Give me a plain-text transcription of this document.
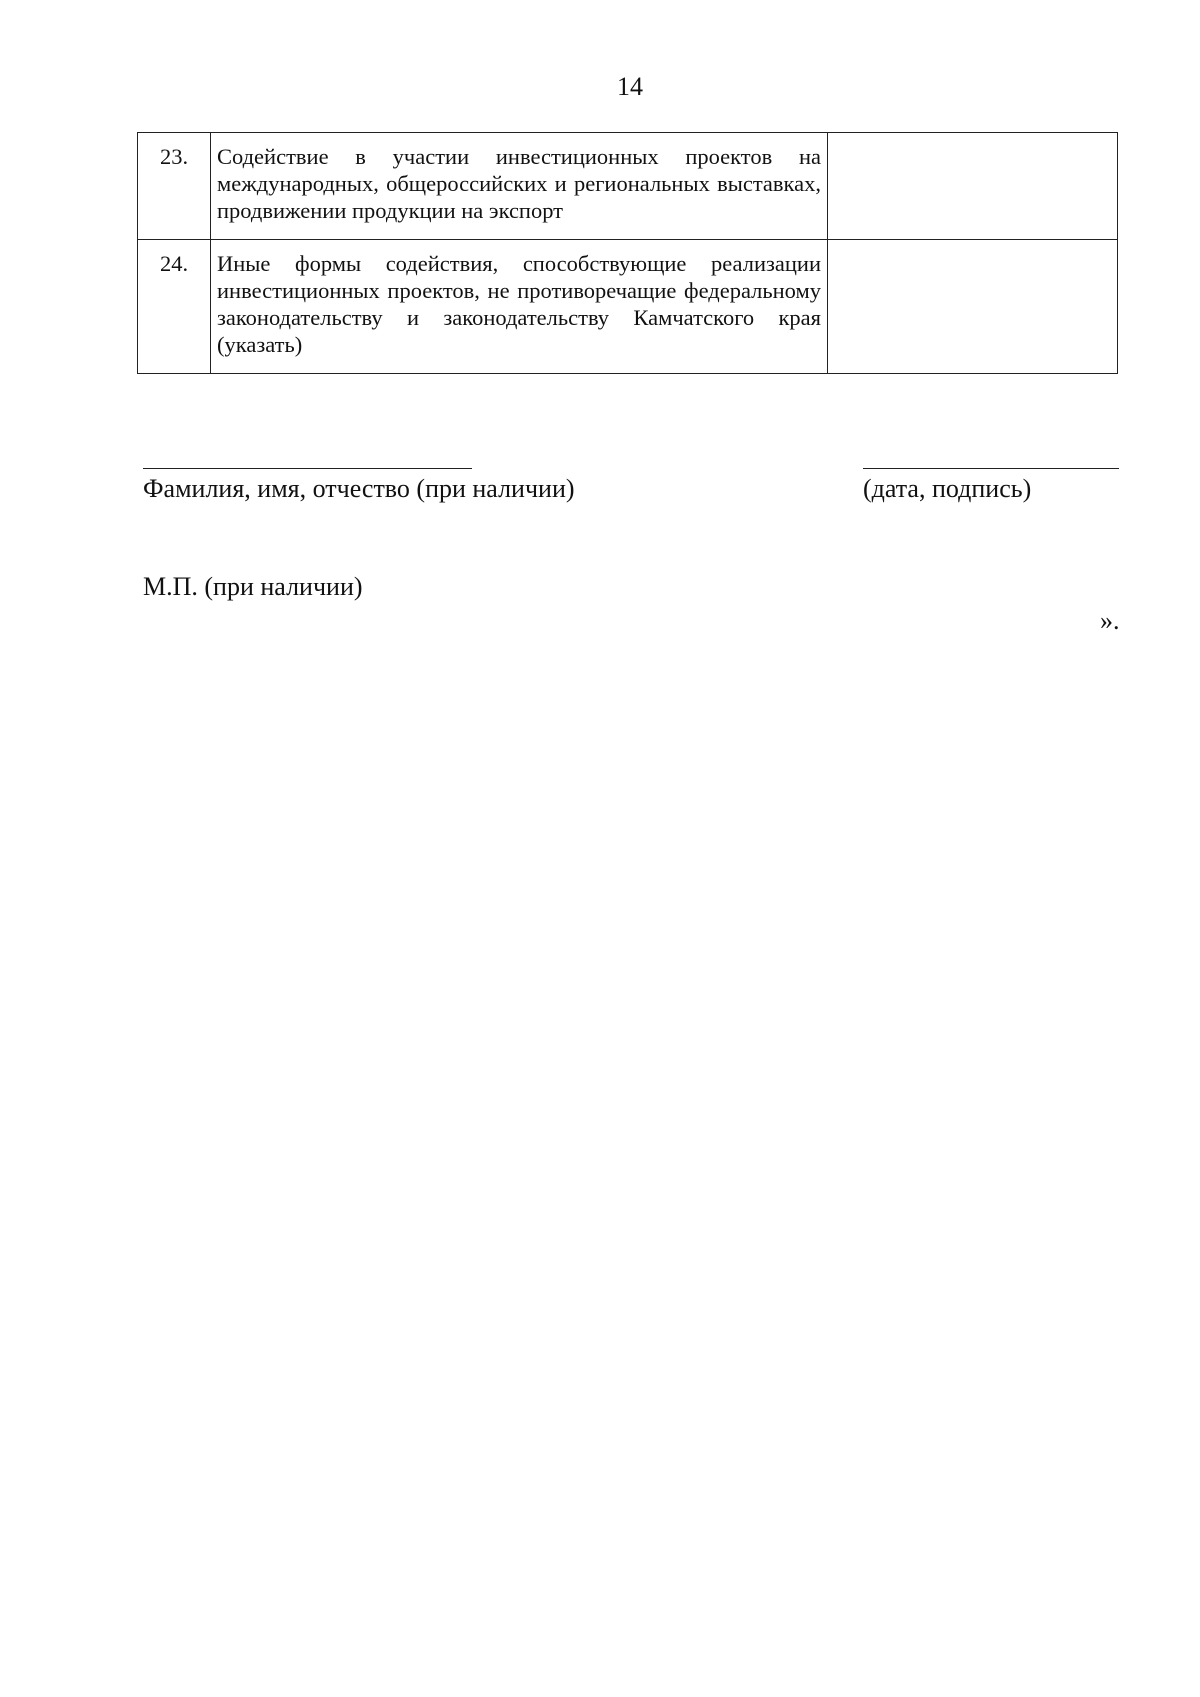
14
23.	Содействие в участии инвестиционных проектов на международных, общероссийских и региональных выставках, продвижении продукции на экспорт	
24.	Иные формы содействия, способствующие реализации инвестиционных проектов, не противоречащие федеральному законодательству и законодательству Камчатского края (указать)	
Фамилия, имя, отчество (при наличии)	(дата, подпись)
М.П. (при наличии)
».
